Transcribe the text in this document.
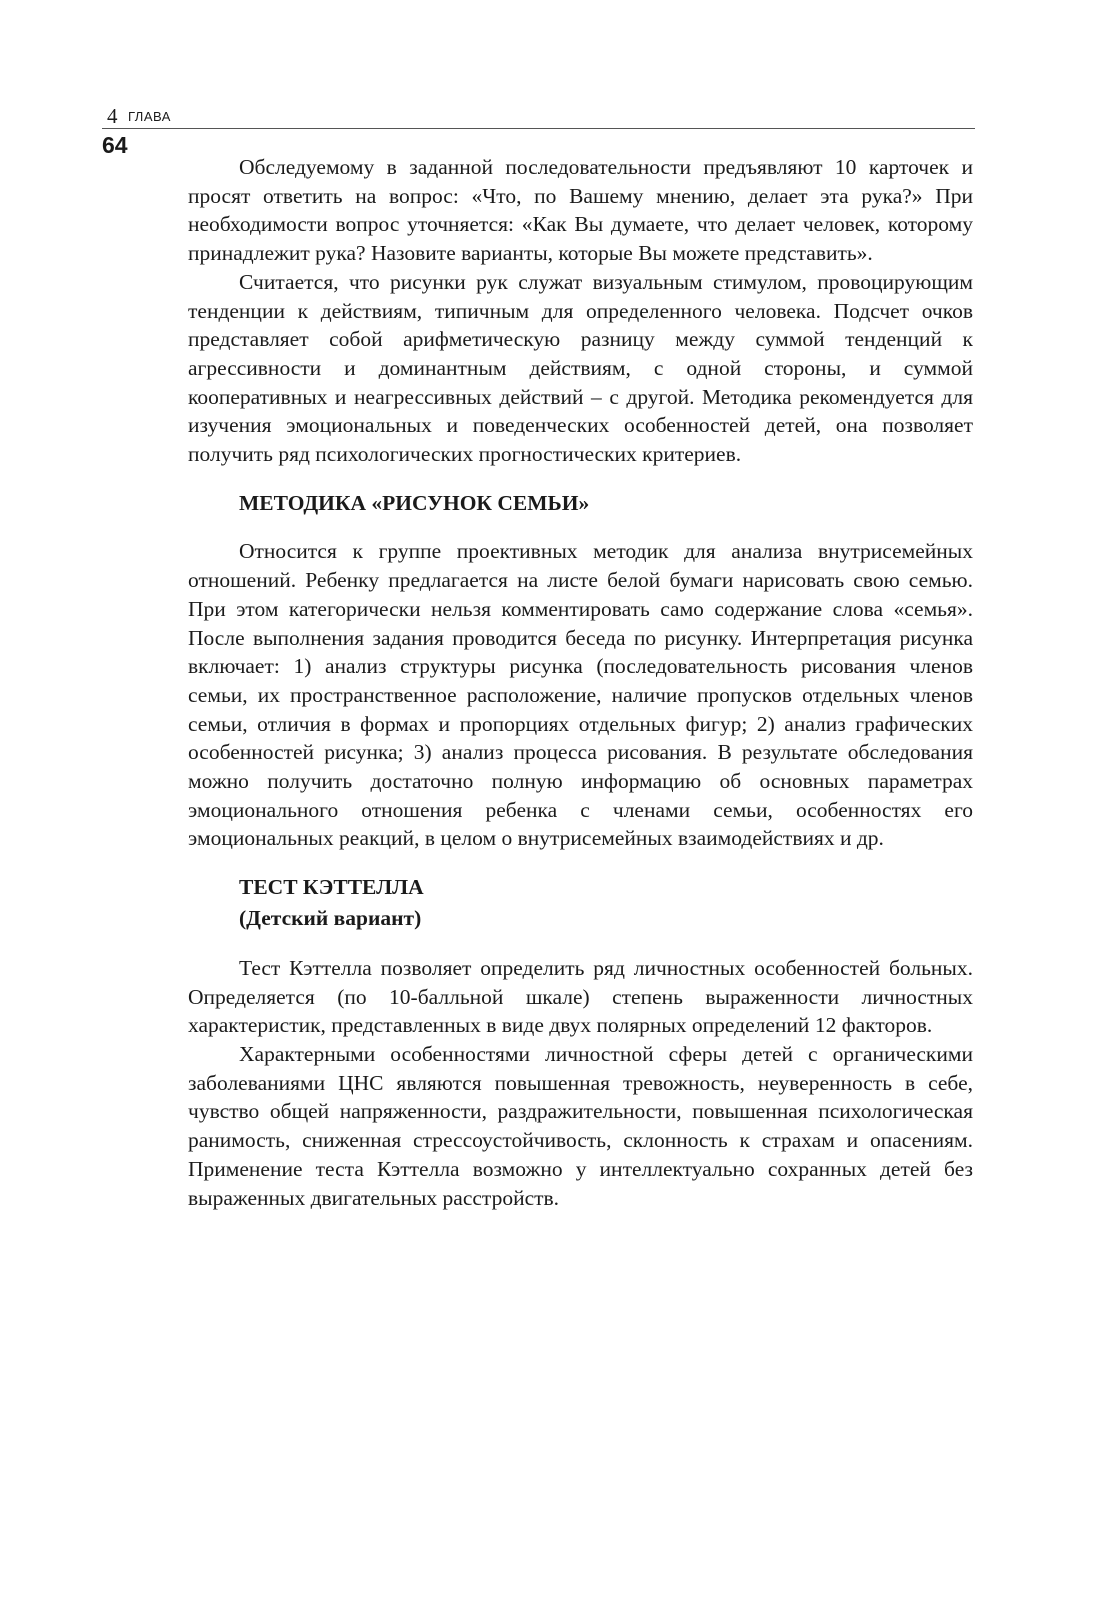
4 ГЛАВА
64

Обследуемому в заданной последовательности предъявляют 10 карточек и просят ответить на вопрос: «Что, по Вашему мнению, делает эта рука?» При необходимости вопрос уточняется: «Как Вы думаете, что делает человек, которому принадлежит рука? Назовите варианты, которые Вы можете представить».

Считается, что рисунки рук служат визуальным стимулом, провоцирующим тенденции к действиям, типичным для определенного человека. Подсчет очков представляет собой арифметическую разницу между суммой тенденций к агрессивности и доминантным действиям, с одной стороны, и суммой кооперативных и неагрессивных действий – с другой. Методика рекомендуется для изучения эмоциональных и поведенческих особенностей детей, она позволяет получить ряд психологических прогностических критериев.

МЕТОДИКА «РИСУНОК СЕМЬИ»

Относится к группе проективных методик для анализа внутрисемейных отношений. Ребенку предлагается на листе белой бумаги нарисовать свою семью. При этом категорически нельзя комментировать само содержание слова «семья». После выполнения задания проводится беседа по рисунку. Интерпретация рисунка включает: 1) анализ структуры рисунка (последовательность рисования членов семьи, их пространственное расположение, наличие пропусков отдельных членов семьи, отличия в формах и пропорциях отдельных фигур; 2) анализ графических особенностей рисунка; 3) анализ процесса рисования. В результате обследования можно получить достаточно полную информацию об основных параметрах эмоционального отношения ребенка с членами семьи, особенностях его эмоциональных реакций, в целом о внутрисемейных взаимодействиях и др.

ТЕСТ КЭТТЕЛЛА
(Детский вариант)

Тест Кэттелла позволяет определить ряд личностных особенностей больных. Определяется (по 10-балльной шкале) степень выраженности личностных характеристик, представленных в виде двух полярных определений 12 факторов.

Характерными особенностями личностной сферы детей с органическими заболеваниями ЦНС являются повышенная тревожность, неуверенность в себе, чувство общей напряженности, раздражительности, повышенная психологическая ранимость, сниженная стрессоустойчивость, склонность к страхам и опасениям. Применение теста Кэттелла возможно у интеллектуально сохранных детей без выраженных двигательных расстройств.
